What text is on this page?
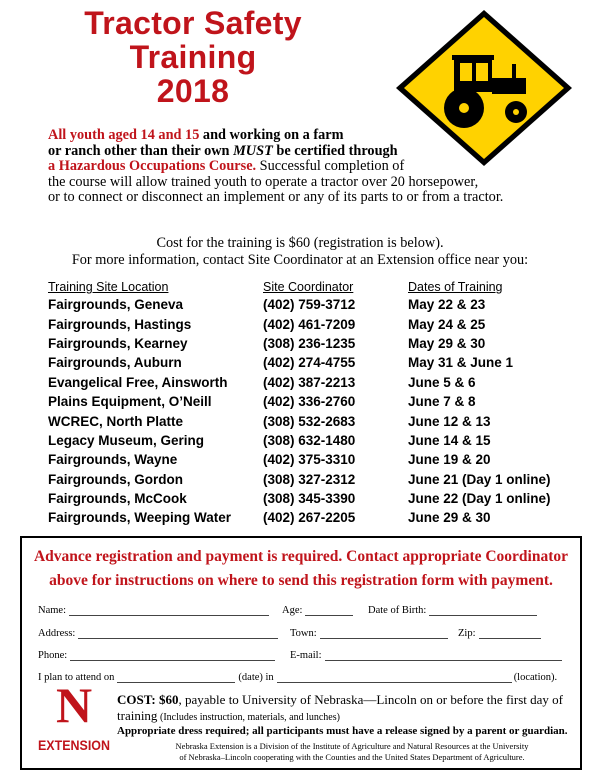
Tractor Safety
Training
2018
All youth aged 14 and 15 and working on a farm
or ranch other than their own MUST be certified through
a Hazardous Occupations Course. Successful completion of
the course will allow trained youth to operate a tractor over 20 horsepower,
or to connect or disconnect an implement or any of its parts to or from a tractor.
Cost for the training is $60 (registration is below).
For more information, contact Site Coordinator at an Extension office near you:
Training Site Location	Site Coordinator	Dates of Training
Fairgrounds, Geneva	(402) 759-3712	May 22 & 23
Fairgrounds, Hastings	(402) 461-7209	May 24 & 25
Fairgrounds, Kearney	(308) 236-1235	May 29 & 30
Fairgrounds, Auburn	(402) 274-4755	May 31 & June 1
Evangelical Free, Ainsworth	(402) 387-2213	June 5 & 6
Plains Equipment, O’Neill	(402) 336-2760	June 7 & 8
WCREC, North Platte	(308) 532-2683	June 12 & 13
Legacy Museum, Gering	(308) 632-1480	June 14 & 15
Fairgrounds, Wayne	(402) 375-3310	June 19 & 20
Fairgrounds, Gordon	(308) 327-2312	June 21 (Day 1 online)
Fairgrounds, McCook	(308) 345-3390	June 22 (Day 1 online)
Fairgrounds, Weeping Water	(402) 267-2205	June 29 & 30
Advance registration and payment is required. Contact appropriate Coordinator
above for instructions on where to send this registration form with payment.
Name:	Age:	Date of Birth:
Address:	Town:	Zip:
Phone:	E-mail:
I plan to attend on	(date) in	(location).
N
EXTENSION
COST: $60, payable to University of Nebraska—Lincoln on or before the first day of training (Includes instruction, materials, and lunches)
Appropriate dress required; all participants must have a release signed by a parent or guardian.
Nebraska Extension is a Division of the Institute of Agriculture and Natural Resources at the University
of Nebraska–Lincoln cooperating with the Counties and the United States Department of Agriculture.
